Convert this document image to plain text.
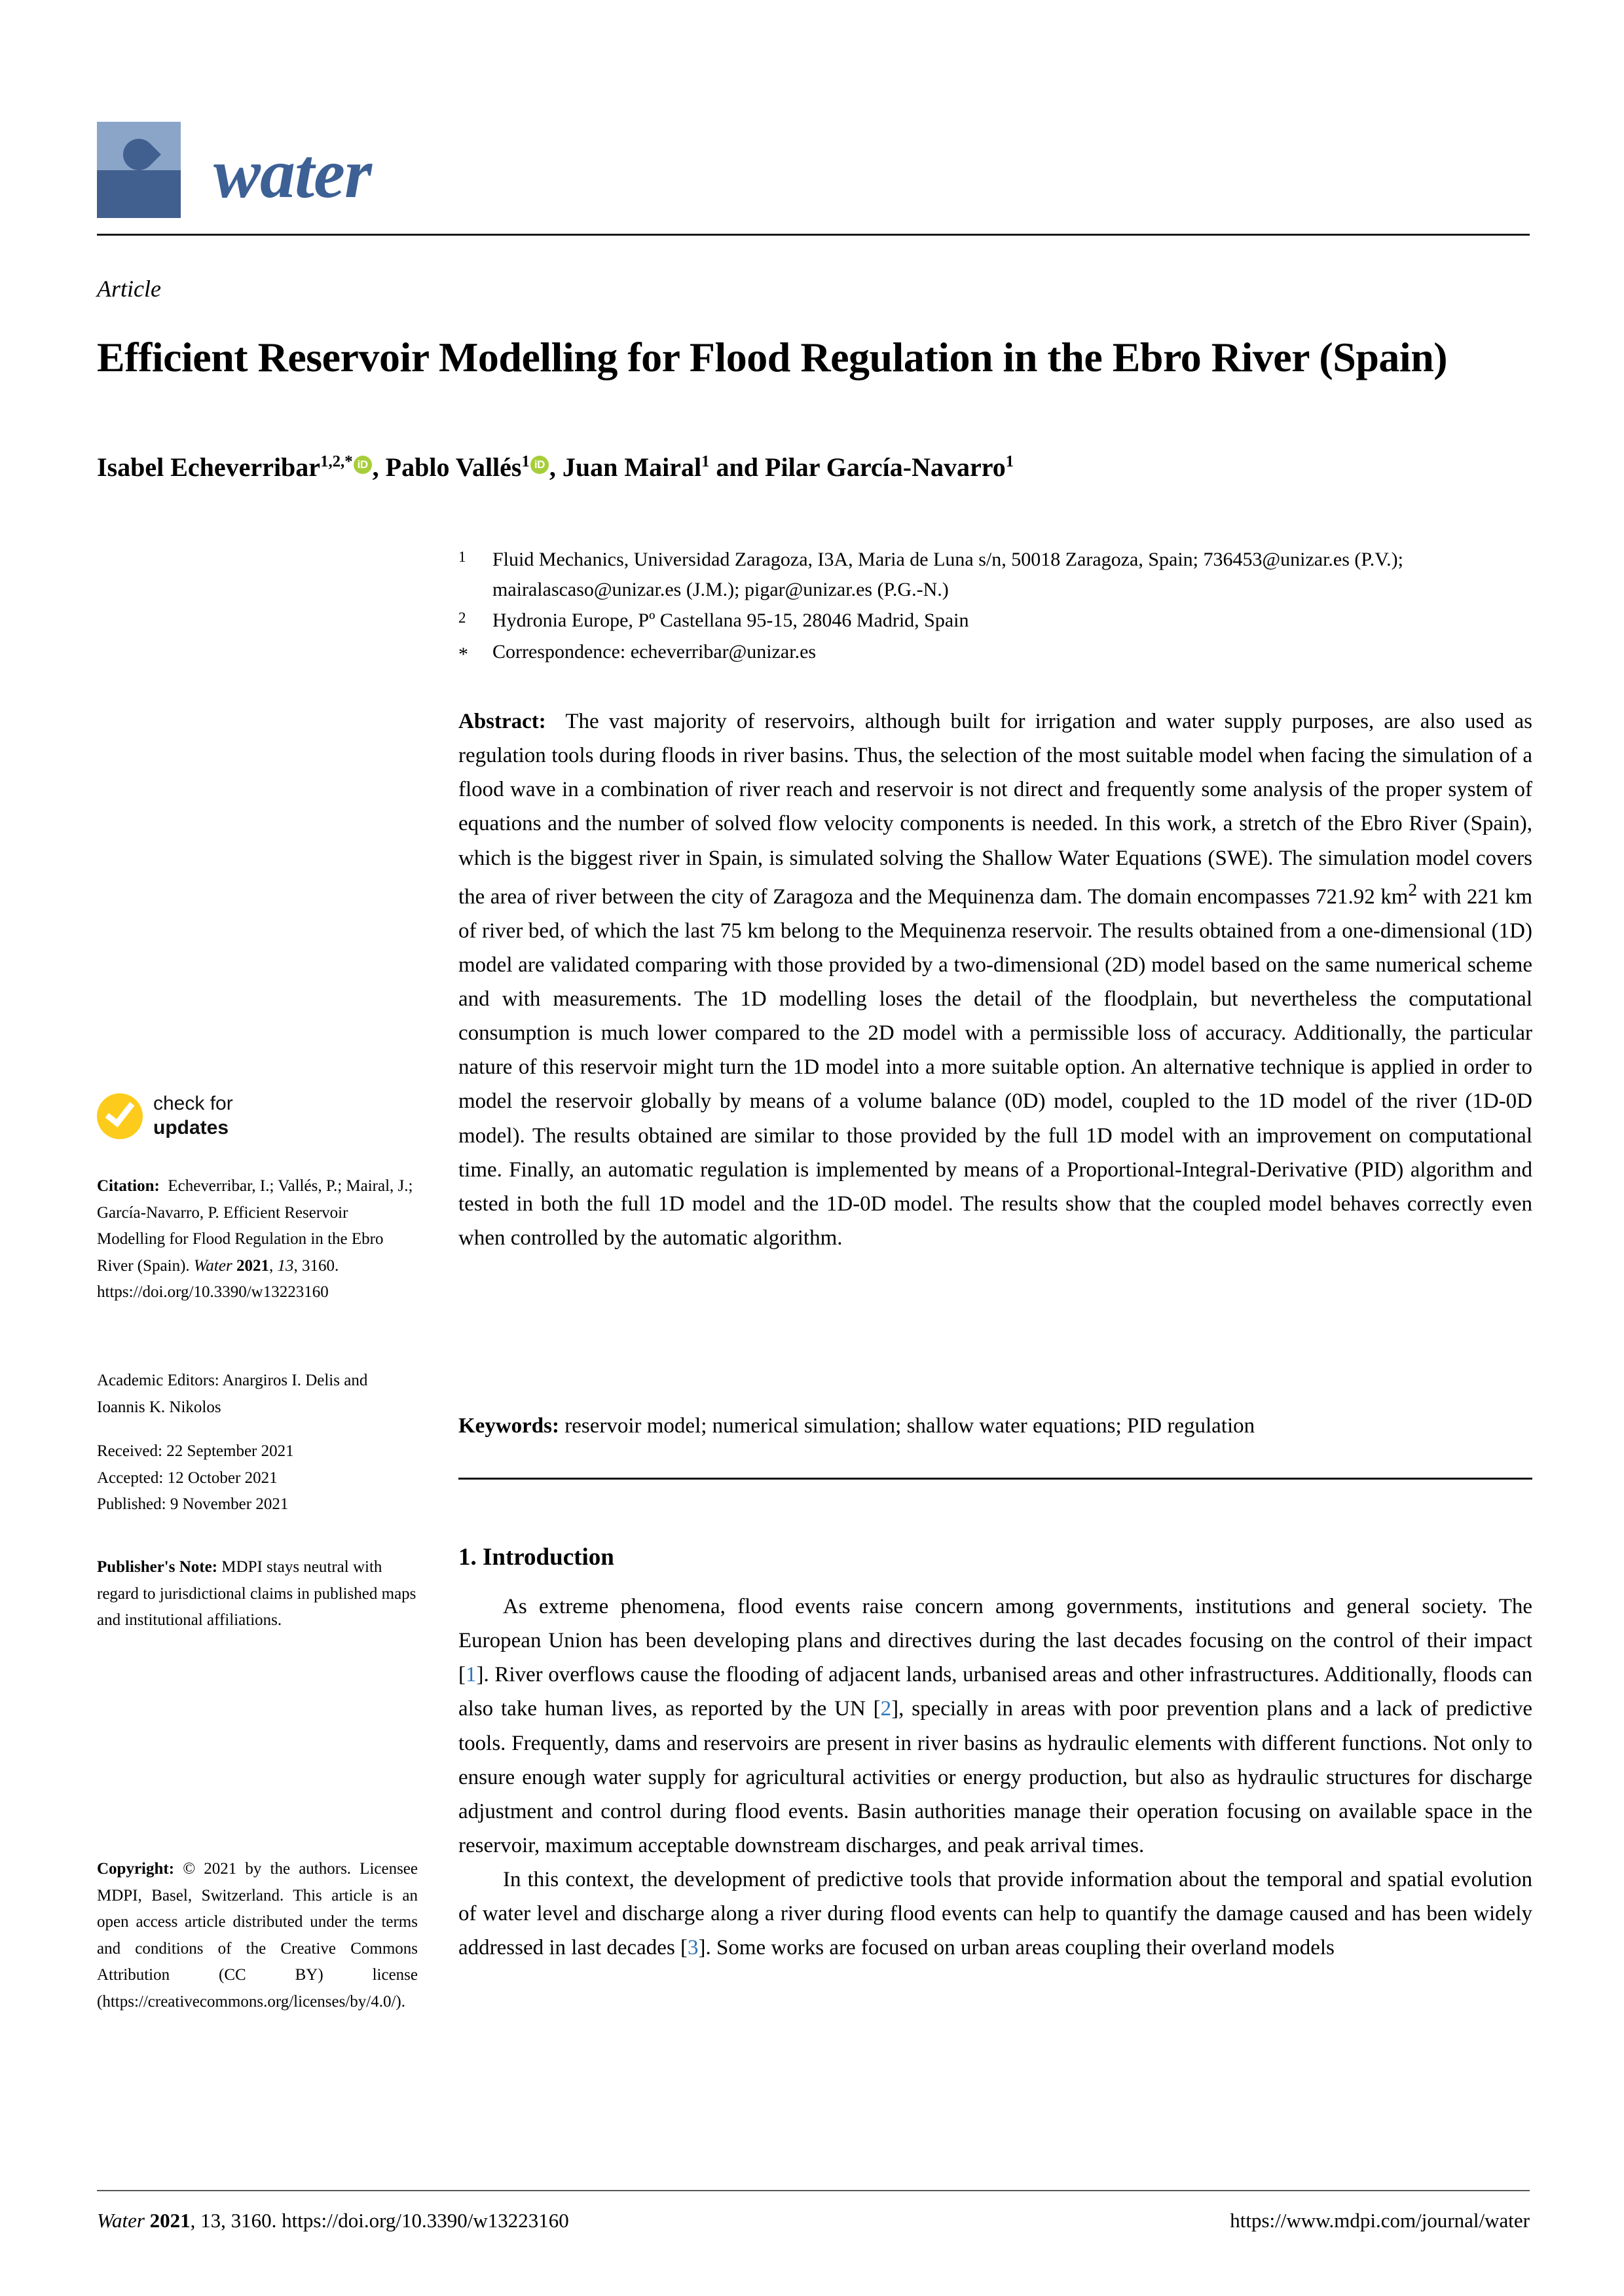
water
Article
Efficient Reservoir Modelling for Flood Regulation in the Ebro River (Spain)
Isabel Echeverribar$^{1,2,*}$ iD , Pablo Vallés$^1$ iD , Juan Mairal$^1$ and Pilar García-Navarro$^1$
1	Fluid Mechanics, Universidad Zaragoza, I3A, Maria de Luna s/n, 50018 Zaragoza, Spain; 736453@unizar.es (P.V.); mairalascaso@unizar.es (J.M.); pigar@unizar.es (P.G.-N.)
2	Hydronia Europe, Pº Castellana 95-15, 28046 Madrid, Spain
*	Correspondence: echeverribar@unizar.es
Abstract: The vast majority of reservoirs, although built for irrigation and water supply purposes, are also used as regulation tools during floods in river basins. Thus, the selection of the most suitable model when facing the simulation of a flood wave in a combination of river reach and reservoir is not direct and frequently some analysis of the proper system of equations and the number of solved flow velocity components is needed. In this work, a stretch of the Ebro River (Spain), which is the biggest river in Spain, is simulated solving the Shallow Water Equations (SWE). The simulation model covers the area of river between the city of Zaragoza and the Mequinenza dam. The domain encompasses 721.92 $km^2$ with 221 km of river bed, of which the last 75 km belong to the Mequinenza reservoir. The results obtained from a one-dimensional (1D) model are validated comparing with those provided by a two-dimensional (2D) model based on the same numerical scheme and with measurements. The 1D modelling loses the detail of the floodplain, but nevertheless the computational consumption is much lower compared to the 2D model with a permissible loss of accuracy. Additionally, the particular nature of this reservoir might turn the 1D model into a more suitable option. An alternative technique is applied in order to model the reservoir globally by means of a volume balance (0D) model, coupled to the 1D model of the river (1D-0D model). The results obtained are similar to those provided by the full 1D model with an improvement on computational time. Finally, an automatic regulation is implemented by means of a Proportional-Integral-Derivative (PID) algorithm and tested in both the full 1D model and the 1D-0D model. The results show that the coupled model behaves correctly even when controlled by the automatic algorithm.
Keywords: reservoir model; numerical simulation; shallow water equations; PID regulation
1. Introduction

As extreme phenomena, flood events raise concern among governments, institutions and general society. The European Union has been developing plans and directives during the last decades focusing on the control of their impact [1]. River overflows cause the flooding of adjacent lands, urbanised areas and other infrastructures. Additionally, floods can also take human lives, as reported by the UN [2], specially in areas with poor prevention plans and a lack of predictive tools. Frequently, dams and reservoirs are present in river basins as hydraulic elements with different functions. Not only to ensure enough water supply for agricultural activities or energy production, but also as hydraulic structures for discharge adjustment and control during flood events. Basin authorities manage their operation focusing on available space in the reservoir, maximum acceptable downstream discharges, and peak arrival times.

In this context, the development of predictive tools that provide information about the temporal and spatial evolution of water level and discharge along a river during flood events can help to quantify the damage caused and has been widely addressed in last decades [3]. Some works are focused on urban areas coupling their overland models

check for
updates
Citation: Echeverribar, I.; Vallés, P.; Mairal, J.; García-Navarro, P. Efficient Reservoir Modelling for Flood Regulation in the Ebro River (Spain). Water 2021, 13, 3160. https://doi.org/10.3390/w13223160
Academic Editors: Anargiros I. Delis and Ioannis K. Nikolos
Received: 22 September 2021
Accepted: 12 October 2021
Published: 9 November 2021
Publisher's Note: MDPI stays neutral with regard to jurisdictional claims in published maps and institutional affiliations.
Copyright: © 2021 by the authors. Licensee MDPI, Basel, Switzerland. This article is an open access article distributed under the terms and conditions of the Creative Commons Attribution (CC BY) license (https://creativecommons.org/licenses/by/4.0/).
Water 2021, 13, 3160. https://doi.org/10.3390/w13223160	https://www.mdpi.com/journal/water
